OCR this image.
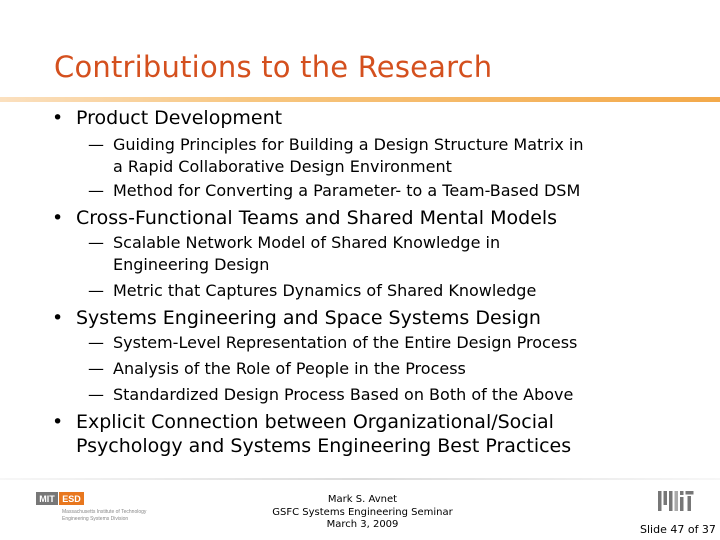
Contributions to the Research
• Product Development
— Guiding Principles for Building a Design Structure Matrix in
a Rapid Collaborative Design Environment
— Method for Converting a Parameter- to a Team-Based DSM
• Cross-Functional Teams and Shared Mental Models
— Scalable Network Model of Shared Knowledge in
Engineering Design
— Metric that Captures Dynamics of Shared Knowledge
• Systems Engineering and Space Systems Design
— System-Level Representation of the Entire Design Process
— Analysis of the Role of People in the Process
— Standardized Design Process Based on Both of the Above
• Explicit Connection between Organizational/Social
Psychology and Systems Engineering Best Practices
MIT ESD
Massachusetts Institute of Technology
Engineering Systems Division
Mark S. Avnet
GSFC Systems Engineering Seminar
March 3, 2009	Slide 47 of 37
